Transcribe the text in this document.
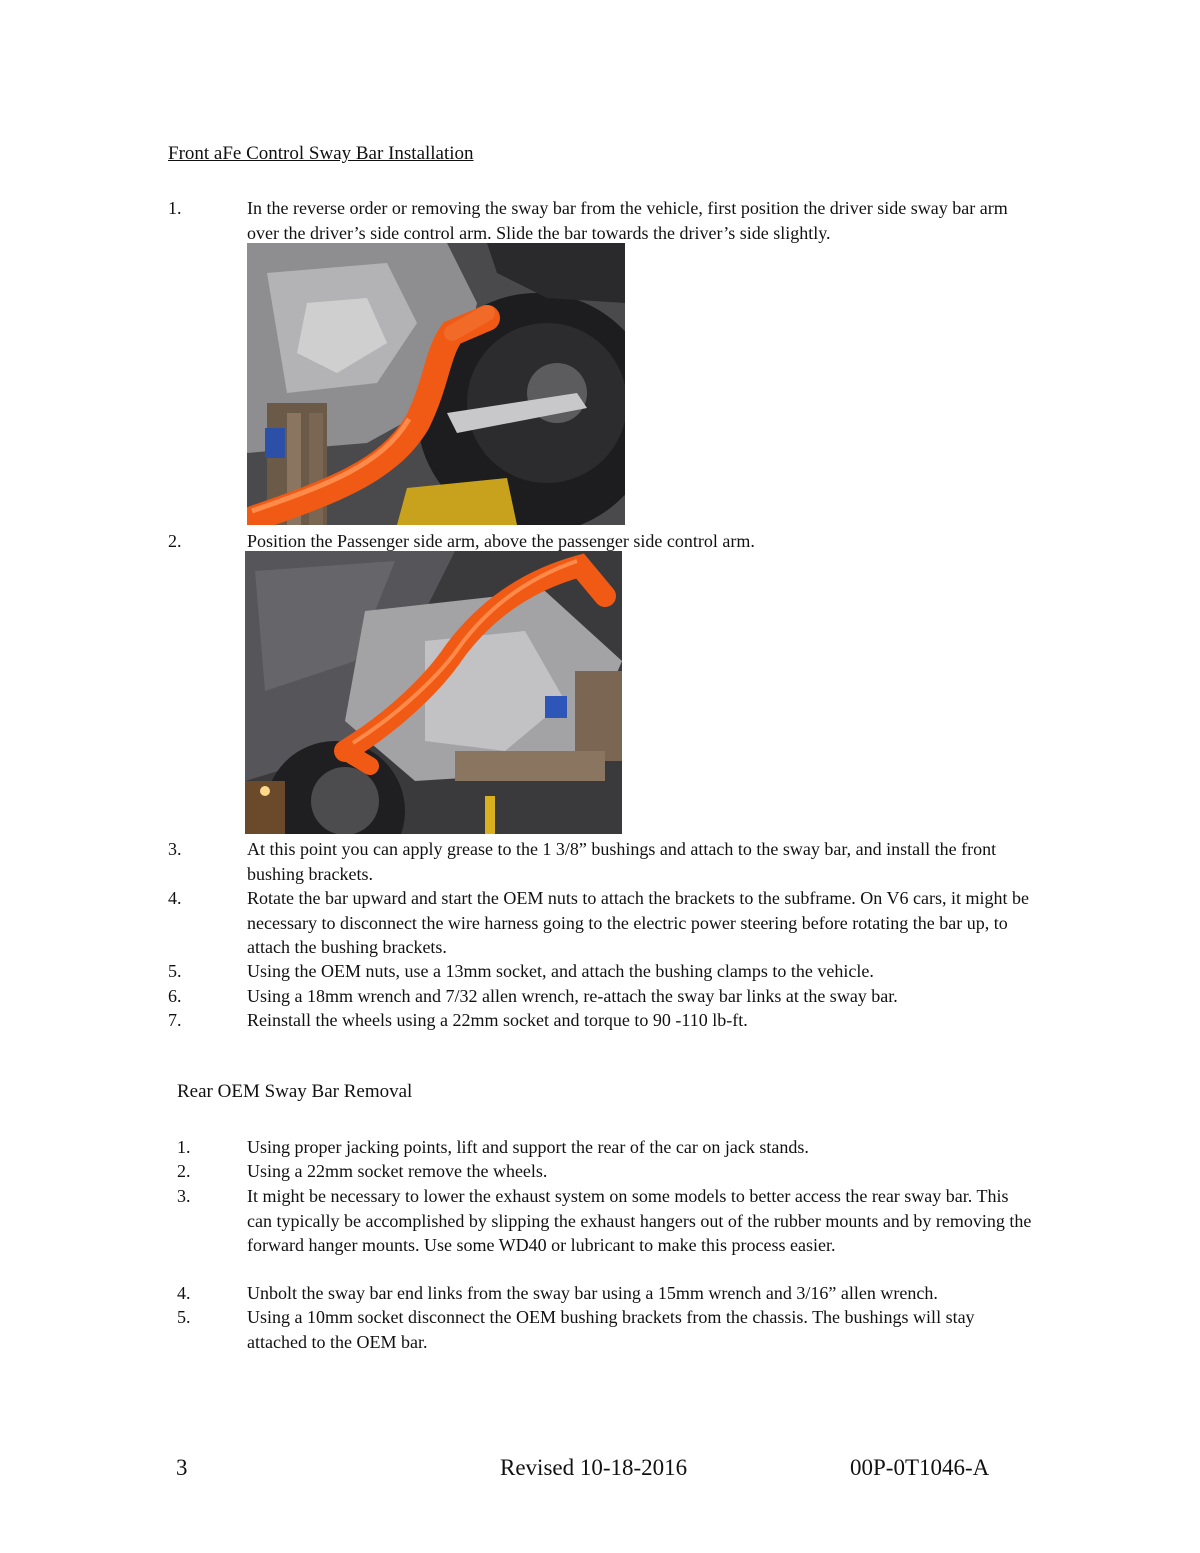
Front aFe Control Sway Bar Installation
1.	In the reverse order or removing the sway bar from the vehicle, first position the driver side sway bar arm over the driver’s side control arm. Slide the bar towards the driver’s side slightly.
2.	Position the Passenger side arm, above the passenger side control arm.
3.	At this point you can apply grease to the 1 3/8” bushings and attach to the sway bar, and install the front bushing brackets.
4.	Rotate the bar upward and start the OEM nuts to attach the brackets to the subframe. On V6 cars, it might be necessary to disconnect the wire harness going to the electric power steering before rotating the bar up, to attach the bushing brackets.
5.	Using the OEM nuts, use a 13mm socket, and attach the bushing clamps to the vehicle.
6.	Using a 18mm wrench and 7/32 allen wrench, re-attach the sway bar links at the sway bar.
7.	Reinstall the wheels using a 22mm socket and torque to 90 -110 lb-ft.
Rear OEM Sway Bar Removal
1.	Using proper jacking points, lift and support the rear of the car on jack stands.
2.	Using a 22mm socket remove the wheels.
3.	It might be necessary to lower the exhaust system on some models to better access the rear sway bar. This can typically be accomplished by slipping the exhaust hangers out of the rubber mounts and by removing the forward hanger mounts. Use some WD40 or lubricant to make this process easier.
4.	Unbolt the sway bar end links from the sway bar using a 15mm wrench and 3/16” allen wrench.
5.	Using a 10mm socket disconnect the OEM bushing brackets from the chassis. The bushings will stay attached to the OEM bar.
3	Revised 10-18-2016	00P-0T1046-A
